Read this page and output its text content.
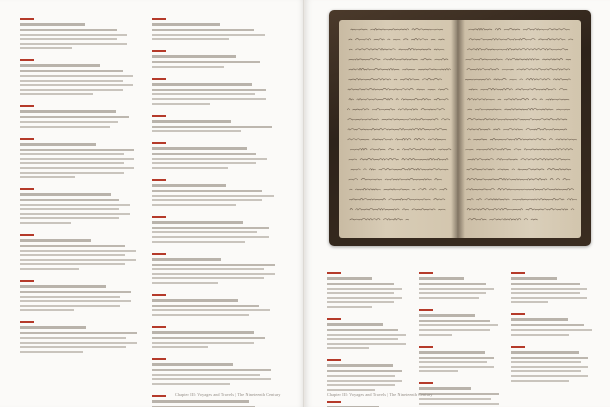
Chapter III: Voyages and Travels | The Nineteenth Century	Chapter III: Voyages and Travels | The Nineteenth Century
